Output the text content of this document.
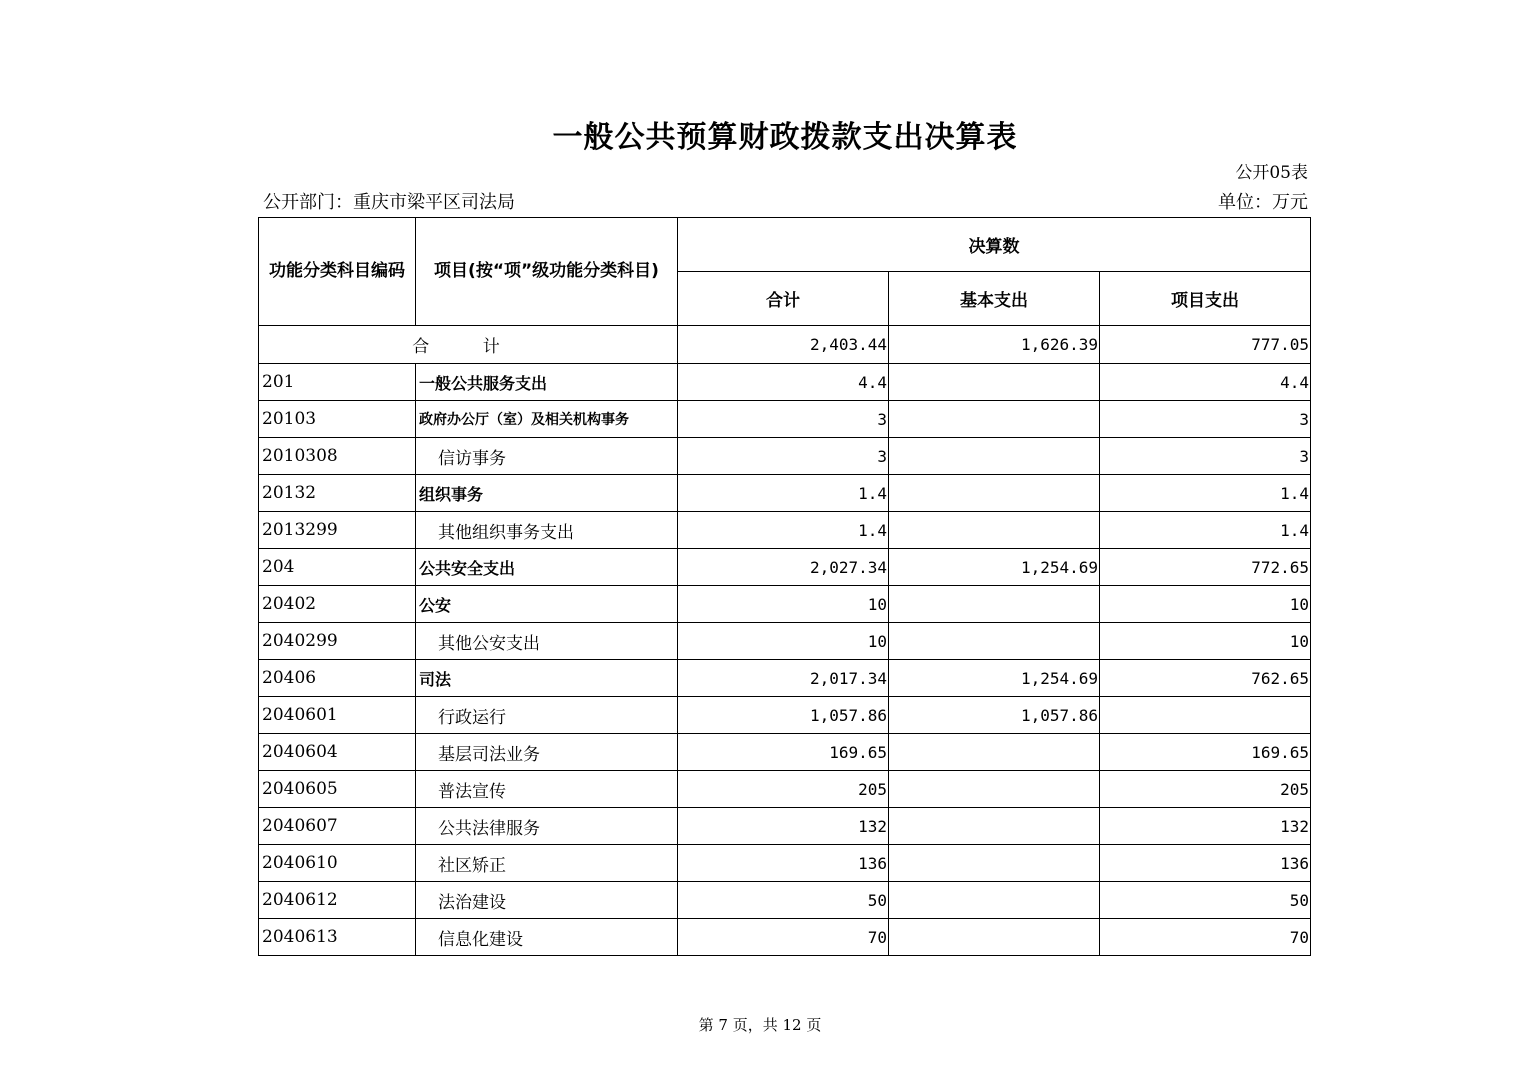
一般公共预算财政拨款支出决算表
公开05表
公开部门：重庆市梁平区司法局	单位：万元
功能分类科目编码	项目(按“项”级功能分类科目)	决算数		
		合计	基本支出	项目支出
合 计		2,403.44	1,626.39	777.05
201	一般公共服务支出	4.4		4.4
20103	政府办公厅（室）及相关机构事务	3		3
2010308	信访事务	3		3
20132	组织事务	1.4		1.4
2013299	其他组织事务支出	1.4		1.4
204	公共安全支出	2,027.34	1,254.69	772.65
20402	公安	10		10
2040299	其他公安支出	10		10
20406	司法	2,017.34	1,254.69	762.65
2040601	行政运行	1,057.86	1,057.86	
2040604	基层司法业务	169.65		169.65
2040605	普法宣传	205		205
2040607	公共法律服务	132		132
2040610	社区矫正	136		136
2040612	法治建设	50		50
2040613	信息化建设	70		70
第 7 页，共 12 页
